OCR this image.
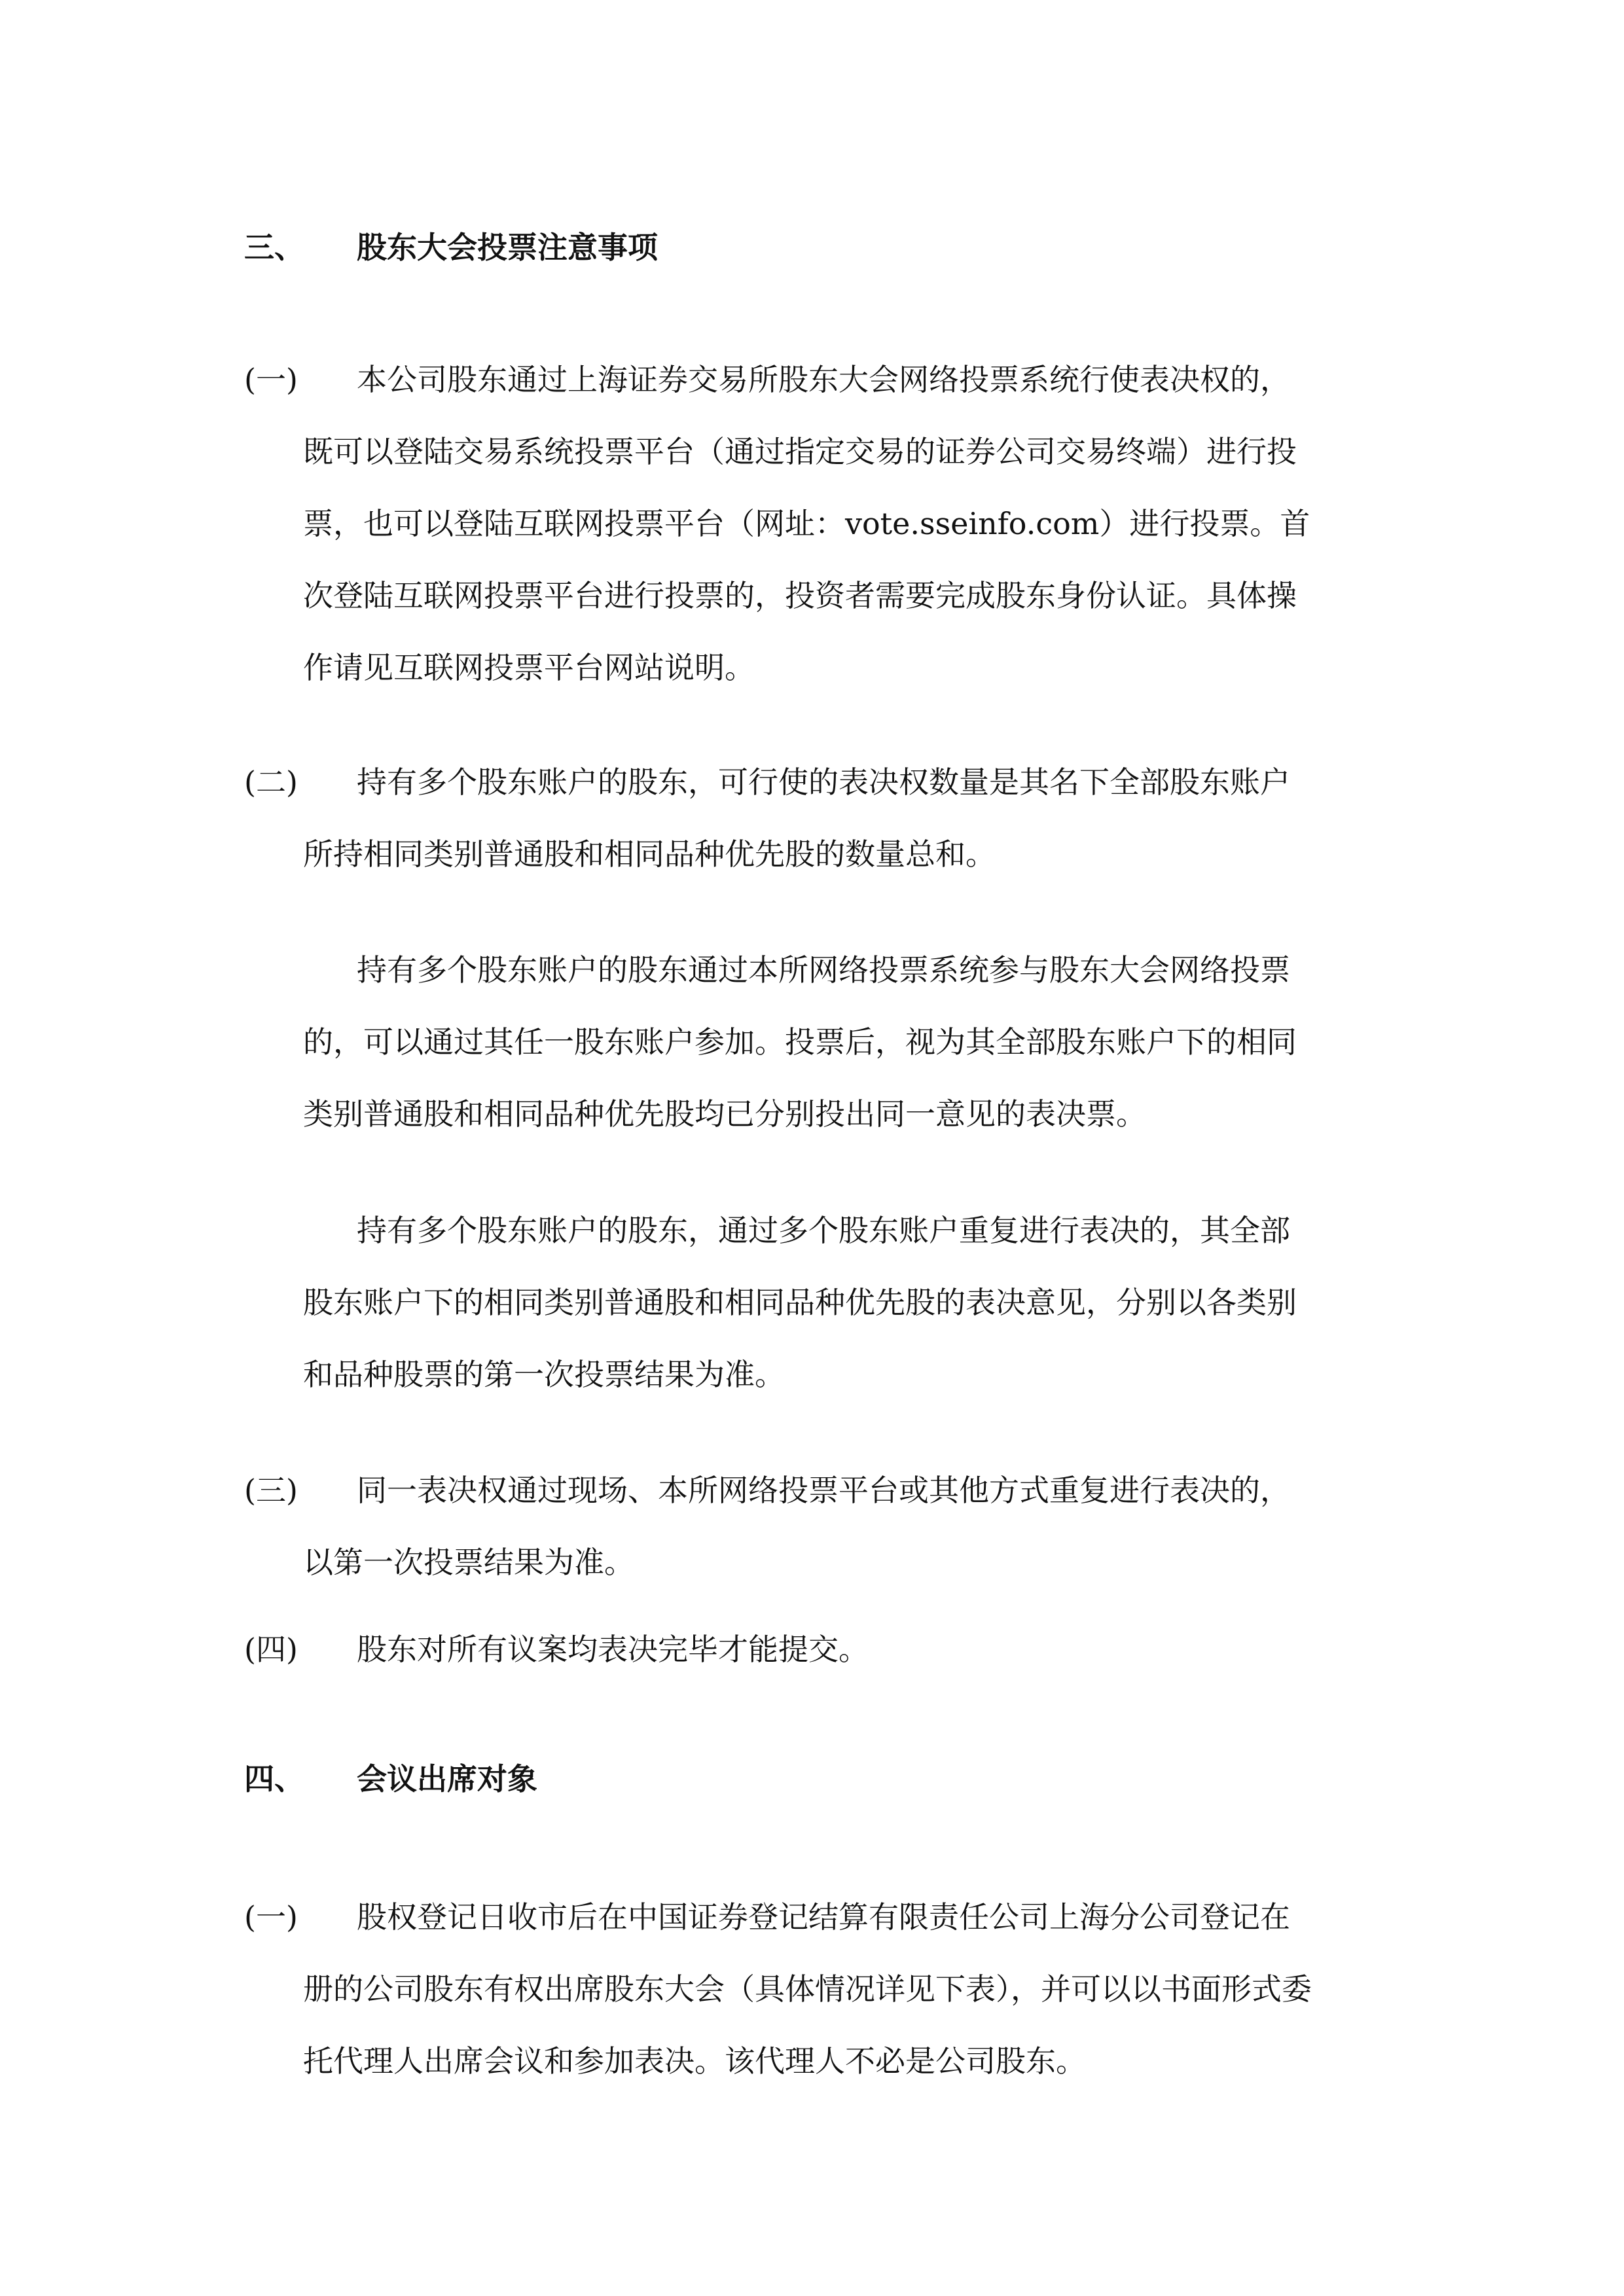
三、 股东大会投票注意事项
(一)	本公司股东通过上海证券交易所股东大会网络投票系统行使表决权的，
既可以登陆交易系统投票平台（通过指定交易的证券公司交易终端）进行投
票，也可以登陆互联网投票平台（网址：vote.sseinfo.com）进行投票。首
次登陆互联网投票平台进行投票的，投资者需要完成股东身份认证。具体操
作请见互联网投票平台网站说明。
(二)	持有多个股东账户的股东，可行使的表决权数量是其名下全部股东账户
所持相同类别普通股和相同品种优先股的数量总和。
持有多个股东账户的股东通过本所网络投票系统参与股东大会网络投票
的，可以通过其任一股东账户参加。投票后，视为其全部股东账户下的相同
类别普通股和相同品种优先股均已分别投出同一意见的表决票。
持有多个股东账户的股东，通过多个股东账户重复进行表决的，其全部
股东账户下的相同类别普通股和相同品种优先股的表决意见，分别以各类别
和品种股票的第一次投票结果为准。
(三)	同一表决权通过现场、本所网络投票平台或其他方式重复进行表决的，
以第一次投票结果为准。
(四)	股东对所有议案均表决完毕才能提交。
四、 会议出席对象
(一)	股权登记日收市后在中国证券登记结算有限责任公司上海分公司登记在
册的公司股东有权出席股东大会（具体情况详见下表），并可以以书面形式委
托代理人出席会议和参加表决。该代理人不必是公司股东。
